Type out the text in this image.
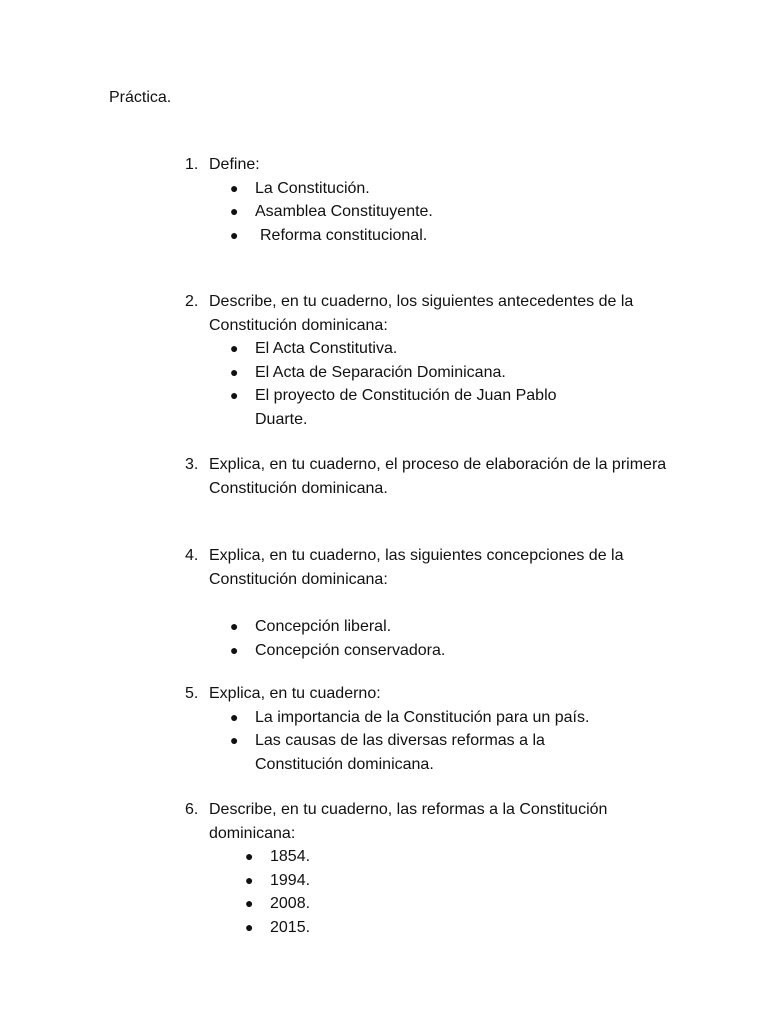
Práctica.
1. Define:
●	La Constitución.
●	Asamblea Constituyente.
●	Reforma constitucional.
2. Describe, en tu cuaderno, los siguientes antecedentes de la Constitución dominicana:
●	El Acta Constitutiva.
●	El Acta de Separación Dominicana.
●	El proyecto de Constitución de Juan Pablo Duarte.
3. Explica, en tu cuaderno, el proceso de elaboración de la primera Constitución dominicana.
4. Explica, en tu cuaderno, las siguientes concepciones de la Constitución dominicana:
●	Concepción liberal.
●	Concepción conservadora.
5. Explica, en tu cuaderno:
●	La importancia de la Constitución para un país.
●	Las causas de las diversas reformas a la Constitución dominicana.
6. Describe, en tu cuaderno, las reformas a la Constitución dominicana:
●	1854.
●	1994.
●	2008.
●	2015.
